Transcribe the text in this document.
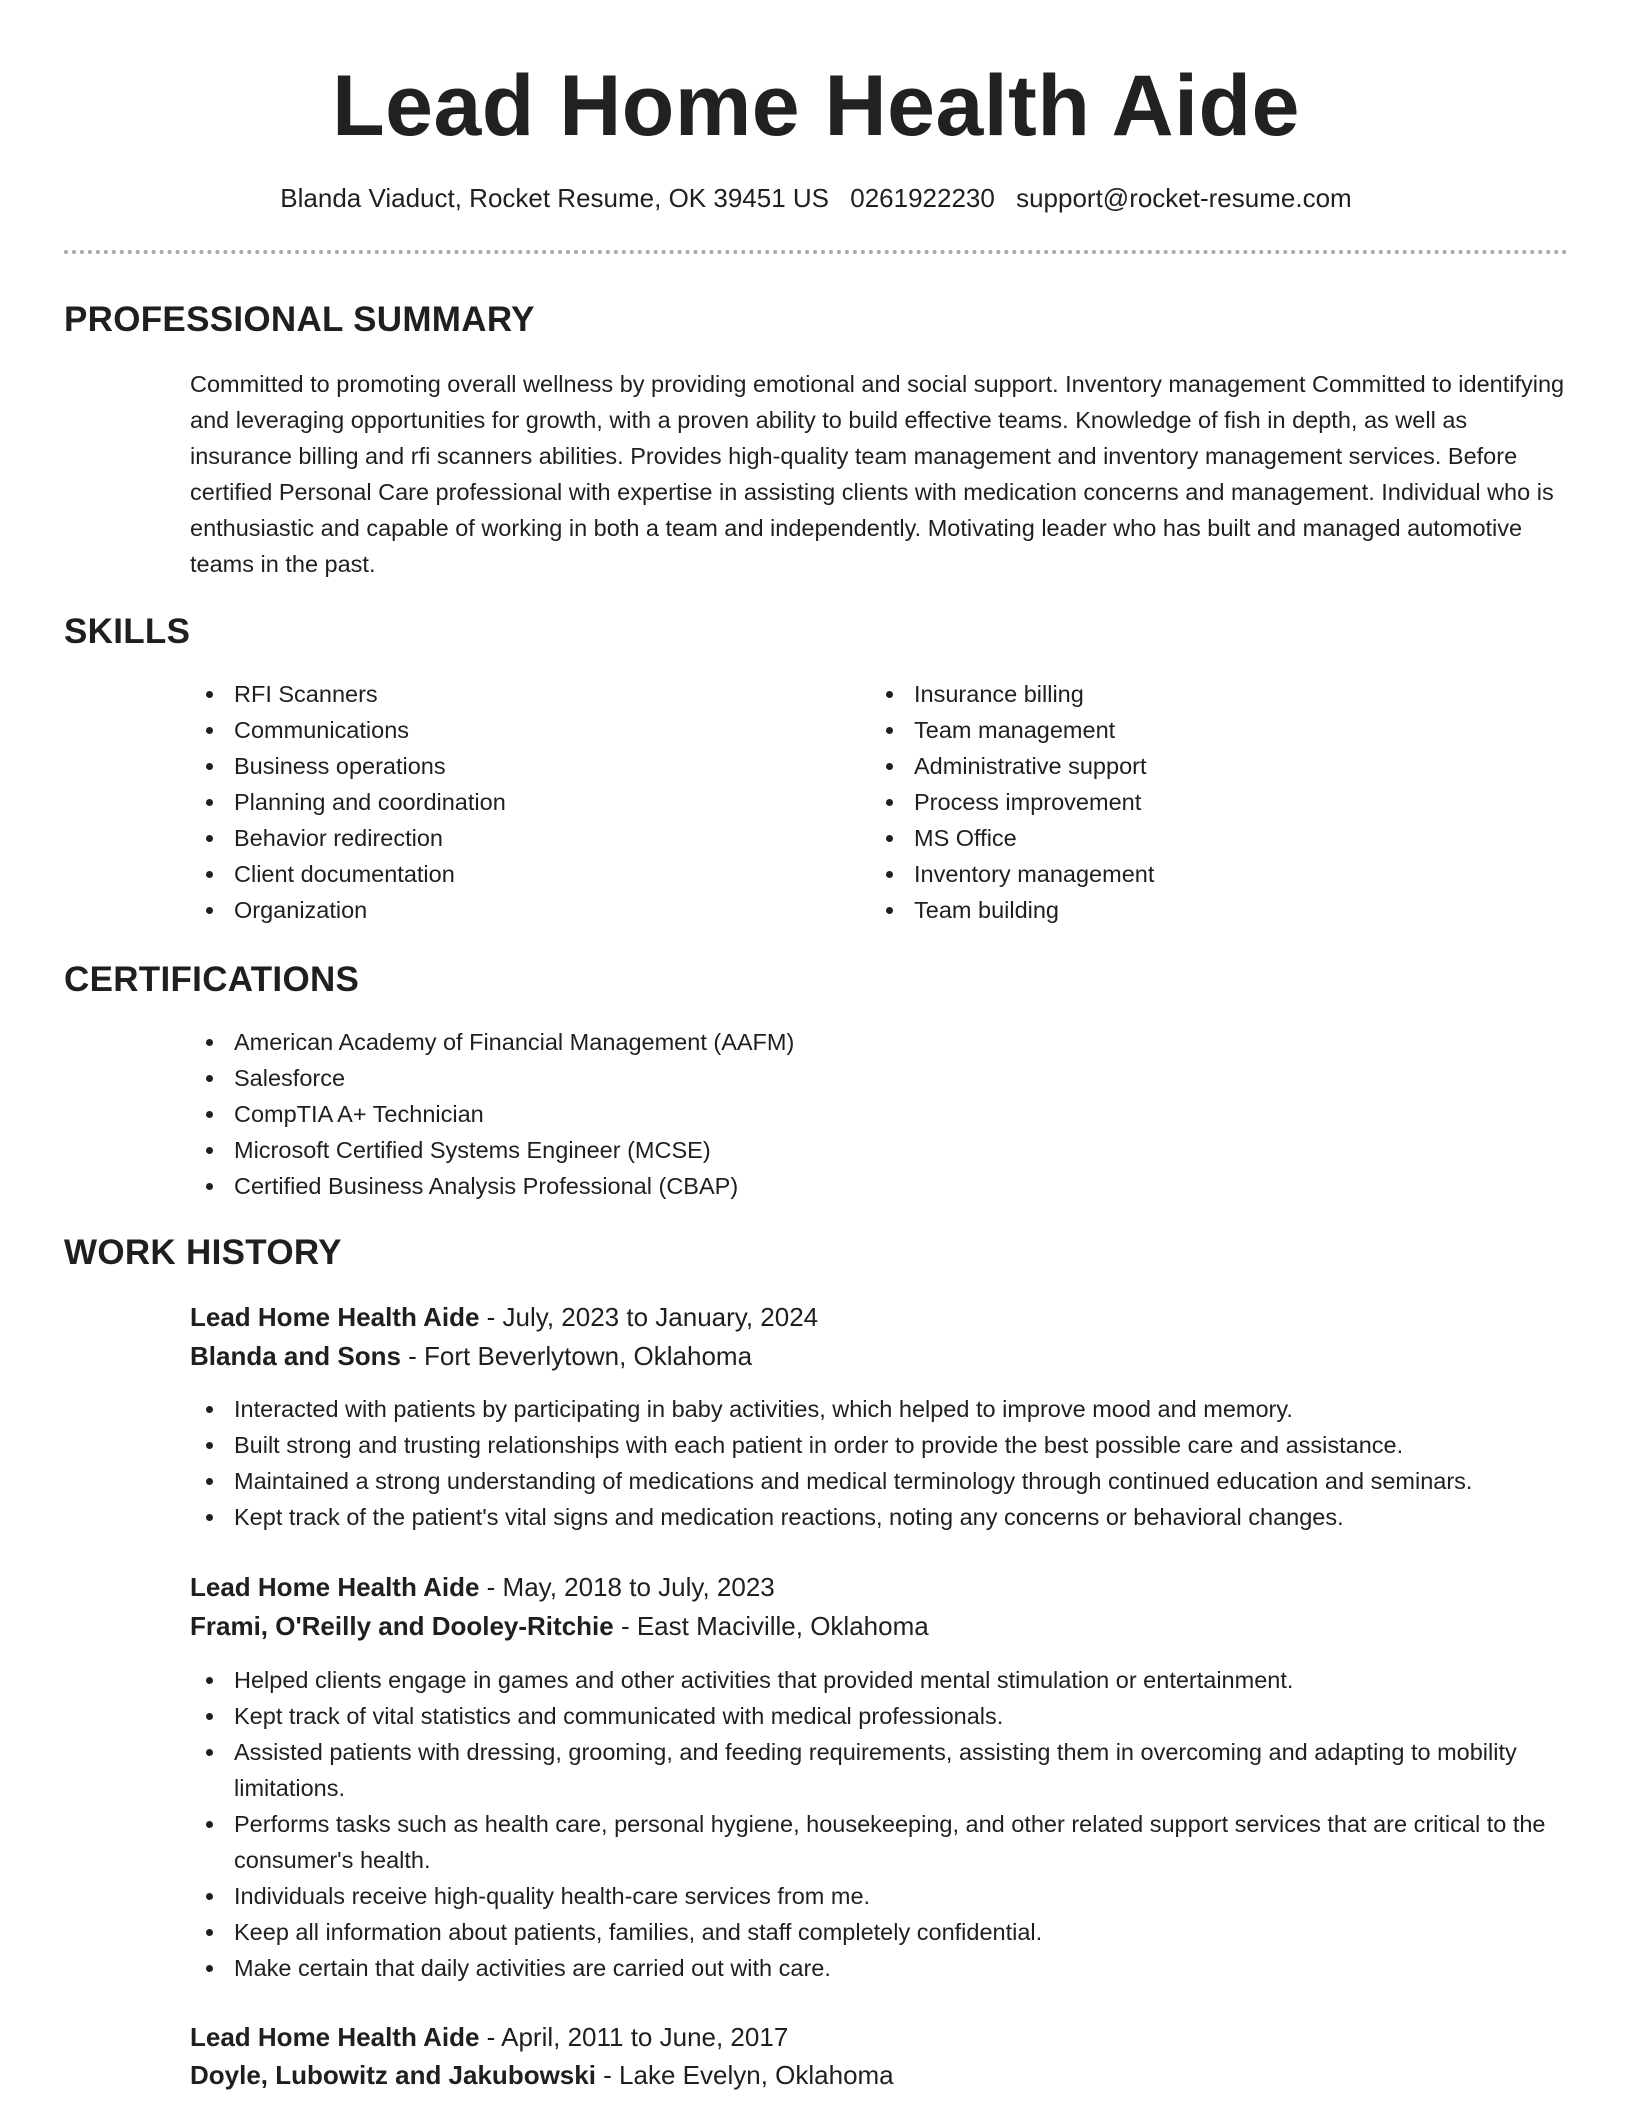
Lead Home Health Aide
Blanda Viaduct, Rocket Resume, OK 39451 US 0261922230 support@rocket-resume.com
PROFESSIONAL SUMMARY

Committed to promoting overall wellness by providing emotional and social support. Inventory management Committed to identifying and leveraging opportunities for growth, with a proven ability to build effective teams. Knowledge of fish in depth, as well as insurance billing and rfi scanners abilities. Provides high-quality team management and inventory management services. Before certified Personal Care professional with expertise in assisting clients with medication concerns and management. Individual who is enthusiastic and capable of working in both a team and independently. Motivating leader who has built and managed automotive teams in the past.

SKILLS
RFI Scanners
Communications
Business operations
Planning and coordination
Behavior redirection
Client documentation
Organization
Insurance billing
Team management
Administrative support
Process improvement
MS Office
Inventory management
Team building
CERTIFICATIONS
American Academy of Financial Management (AAFM)
Salesforce
CompTIA A+ Technician
Microsoft Certified Systems Engineer (MCSE)
Certified Business Analysis Professional (CBAP)
WORK HISTORY

Lead Home Health Aide - July, 2023 to January, 2024

Blanda and Sons - Fort Beverlytown, Oklahoma

Interacted with patients by participating in baby activities, which helped to improve mood and memory.
Built strong and trusting relationships with each patient in order to provide the best possible care and assistance.
Maintained a strong understanding of medications and medical terminology through continued education and seminars.
Kept track of the patient's vital signs and medication reactions, noting any concerns or behavioral changes.

Lead Home Health Aide - May, 2018 to July, 2023

Frami, O'Reilly and Dooley-Ritchie - East Maciville, Oklahoma

Helped clients engage in games and other activities that provided mental stimulation or entertainment.
Kept track of vital statistics and communicated with medical professionals.
Assisted patients with dressing, grooming, and feeding requirements, assisting them in overcoming and adapting to mobility limitations.
Performs tasks such as health care, personal hygiene, housekeeping, and other related support services that are critical to the consumer's health.
Individuals receive high-quality health-care services from me.
Keep all information about patients, families, and staff completely confidential.
Make certain that daily activities are carried out with care.

Lead Home Health Aide - April, 2011 to June, 2017

Doyle, Lubowitz and Jakubowski - Lake Evelyn, Oklahoma
